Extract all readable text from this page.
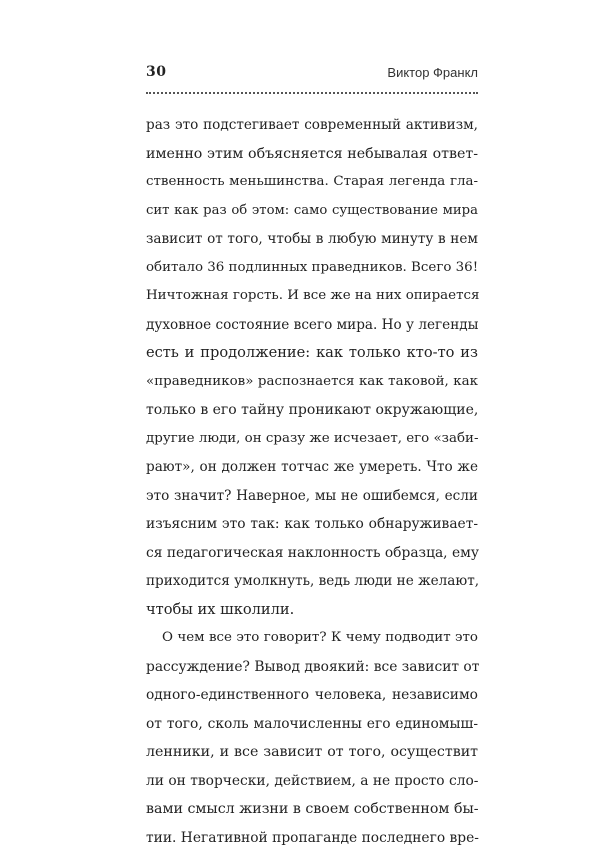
30	Виктор Франкл
раз это подстегивает современный активизм,
именно этим объясняется небывалая ответ-
ственность меньшинства. Старая легенда гла-
сит как раз об этом: само существование мира
зависит от того, чтобы в любую минуту в нем
обитало 36 подлинных праведников. Всего 36!
Ничтожная горсть. И все же на них опирается
духовное состояние всего мира. Но у легенды
есть и продолжение: как только кто-то из
«праведников» распознается как таковой, как
только в его тайну проникают окружающие,
другие люди, он сразу же исчезает, его «заби-
рают», он должен тотчас же умереть. Что же
это значит? Наверное, мы не ошибемся, если
изъясним это так: как только обнаруживает-
ся педагогическая наклонность образца, ему
приходится умолкнуть, ведь люди не желают,
чтобы их школили.
О чем все это говорит? К чему подводит это
рассуждение? Вывод двоякий: все зависит от
одного-единственного человека, независимо
от того, сколь малочисленны его единомыш-
ленники, и все зависит от того, осуществит
ли он творчески, действием, а не просто сло-
вами смысл жизни в своем собственном бы-
тии. Негативной пропаганде последнего вре-
